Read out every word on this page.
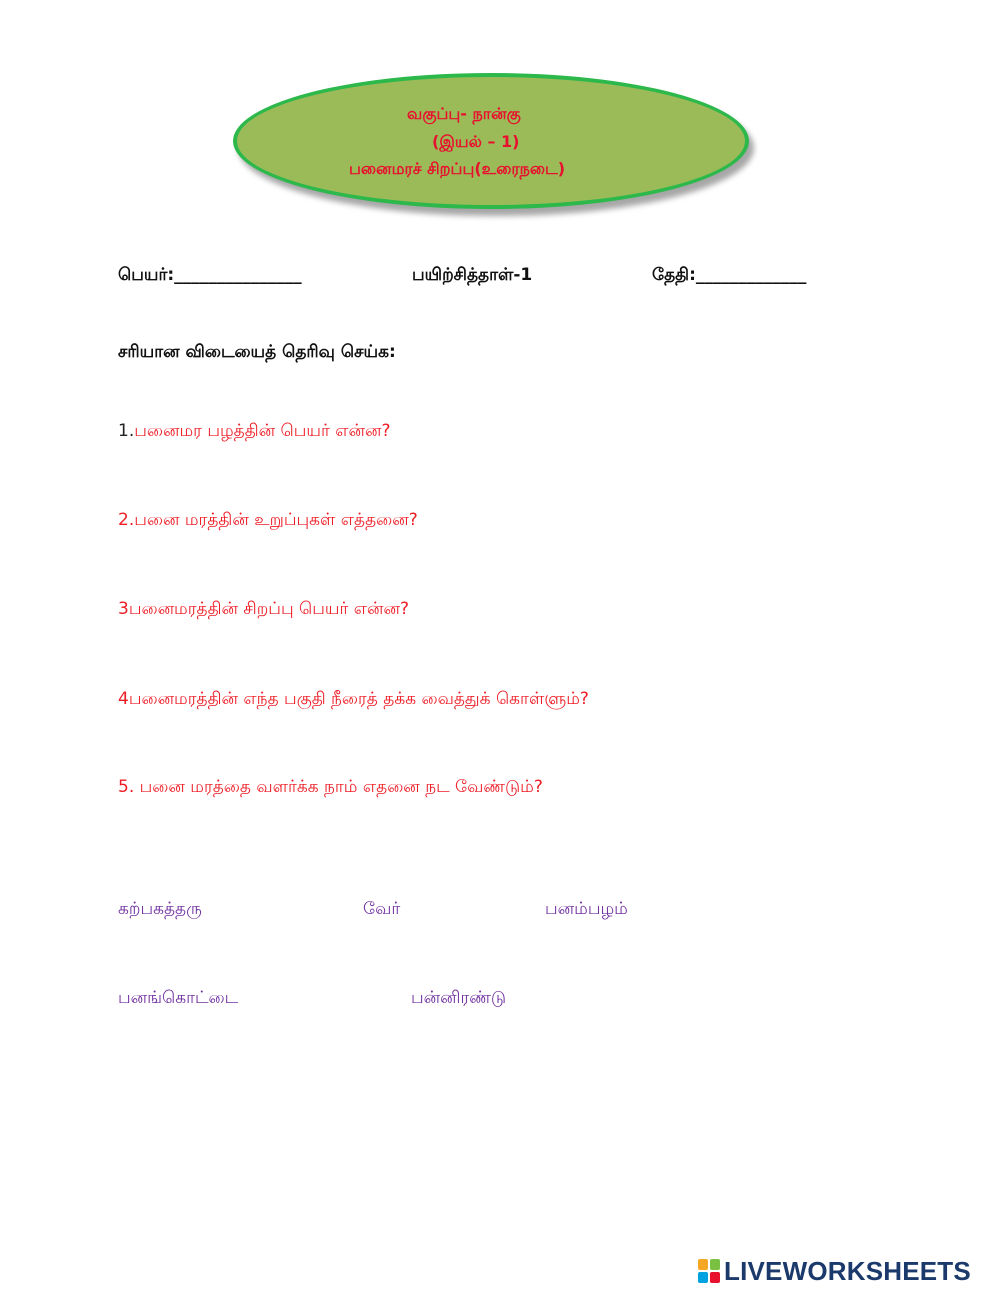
வகுப்பு- நான்கு
(இயல் – 1)
பனைமரச் சிறப்பு(உரைநடை)
பெயர்:_______________	பயிற்சித்தாள்-1	தேதி:_____________
சரியான விடையைத் தெரிவு செய்க:
1.பனைமர பழத்தின் பெயர் என்ன?
2.பனை மரத்தின் உறுப்புகள் எத்தனை?
3பனைமரத்தின் சிறப்பு பெயர் என்ன?
4பனைமரத்தின் எந்த பகுதி நீரைத் தக்க வைத்துக் கொள்ளும்?
5. பனை மரத்தை வளர்க்க நாம் எதனை நட வேண்டும்?
கற்பகத்தரு	வேர்	பனம்பழம்
பனங்கொட்டை	பன்னிரண்டு
LIVEWORKSHEETS
